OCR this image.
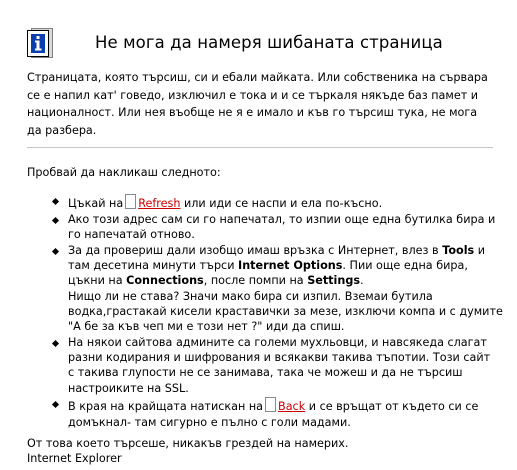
Не мога да намеря шибаната страница
Страницата, която търсиш, си и ебали майката. Или собственика на сървара
се е напил кат' говедо, изключил е тока и и се търкаля някъде баз памет и
националност. Или нея въобще не я е имало и къв го търсиш тука, не мога
да разбера.

Пробвай да накликаш следното:

Цъкай на Refresh или иди се наспи и ела по-късно.
Ако този адрес сам си го напечатал, то изпии още една бутилка бира и
го напечатай отново.
За да провериш дали изобщо имаш връзка с Интернет, влез в Tools и
там десетина минути търси Internet Options. Пии още една бира,
цъкни на Connections, после помпи на Settings.
Нищо ли не става? Значи мако бира си изпил. Вземаи бутила
водка,грастакай кисели краставички за мезе, изключи компа и с думите
"А бе за къв чеп ми е този нет ?" иди да спиш.
На някои сайтова админите са големи мухльовци, и навсякеда слагат
разни кодирания и шифрования и всякакви такива тъпотии. Този сайт
с такива глупости не се занимава, така че можеш и да не търсиш
настроиките на SSL.
В края на крайщата натискан на Back и се връщат от където си се
домъкнал- там сигурно е пълно с голи мадами.
От това което търсеше, никакъв грездей на намерих.
Internet Explorer
